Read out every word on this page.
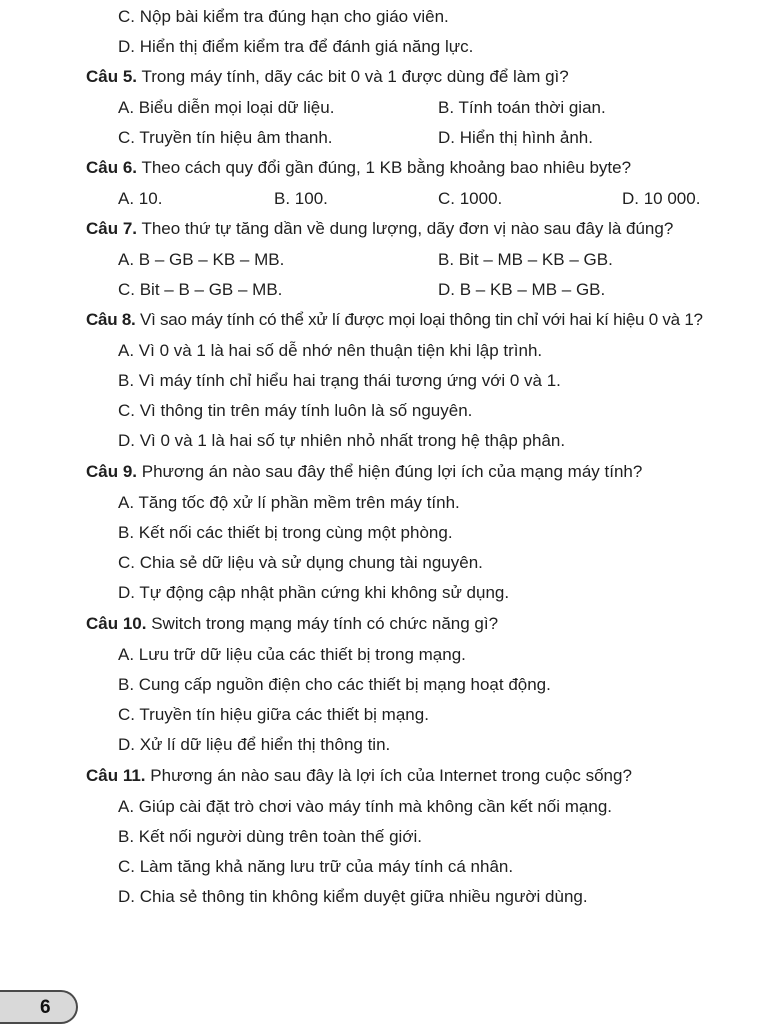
C. Nộp bài kiểm tra đúng hạn cho giáo viên.
D. Hiển thị điểm kiểm tra để đánh giá năng lực.
Câu 5. Trong máy tính, dãy các bit 0 và 1 được dùng để làm gì?
A. Biểu diễn mọi loại dữ liệu.	B. Tính toán thời gian.
C. Truyền tín hiệu âm thanh.	D. Hiển thị hình ảnh.
Câu 6. Theo cách quy đổi gần đúng, 1 KB bằng khoảng bao nhiêu byte?
A. 10.	B. 100.	C. 1000.	D. 10 000.
Câu 7. Theo thứ tự tăng dần về dung lượng, dãy đơn vị nào sau đây là đúng?
A. B – GB – KB – MB.	B. Bit – MB – KB – GB.
C. Bit – B – GB – MB.	D. B – KB – MB – GB.
Câu 8. Vì sao máy tính có thể xử lí được mọi loại thông tin chỉ với hai kí hiệu 0 và 1?
A. Vì 0 và 1 là hai số dễ nhớ nên thuận tiện khi lập trình.
B. Vì máy tính chỉ hiểu hai trạng thái tương ứng với 0 và 1.
C. Vì thông tin trên máy tính luôn là số nguyên.
D. Vì 0 và 1 là hai số tự nhiên nhỏ nhất trong hệ thập phân.
Câu 9. Phương án nào sau đây thể hiện đúng lợi ích của mạng máy tính?
A. Tăng tốc độ xử lí phần mềm trên máy tính.
B. Kết nối các thiết bị trong cùng một phòng.
C. Chia sẻ dữ liệu và sử dụng chung tài nguyên.
D. Tự động cập nhật phần cứng khi không sử dụng.
Câu 10. Switch trong mạng máy tính có chức năng gì?
A. Lưu trữ dữ liệu của các thiết bị trong mạng.
B. Cung cấp nguồn điện cho các thiết bị mạng hoạt động.
C. Truyền tín hiệu giữa các thiết bị mạng.
D. Xử lí dữ liệu để hiển thị thông tin.
Câu 11. Phương án nào sau đây là lợi ích của Internet trong cuộc sống?
A. Giúp cài đặt trò chơi vào máy tính mà không cần kết nối mạng.
B. Kết nối người dùng trên toàn thế giới.
C. Làm tăng khả năng lưu trữ của máy tính cá nhân.
D. Chia sẻ thông tin không kiểm duyệt giữa nhiều người dùng.
6
